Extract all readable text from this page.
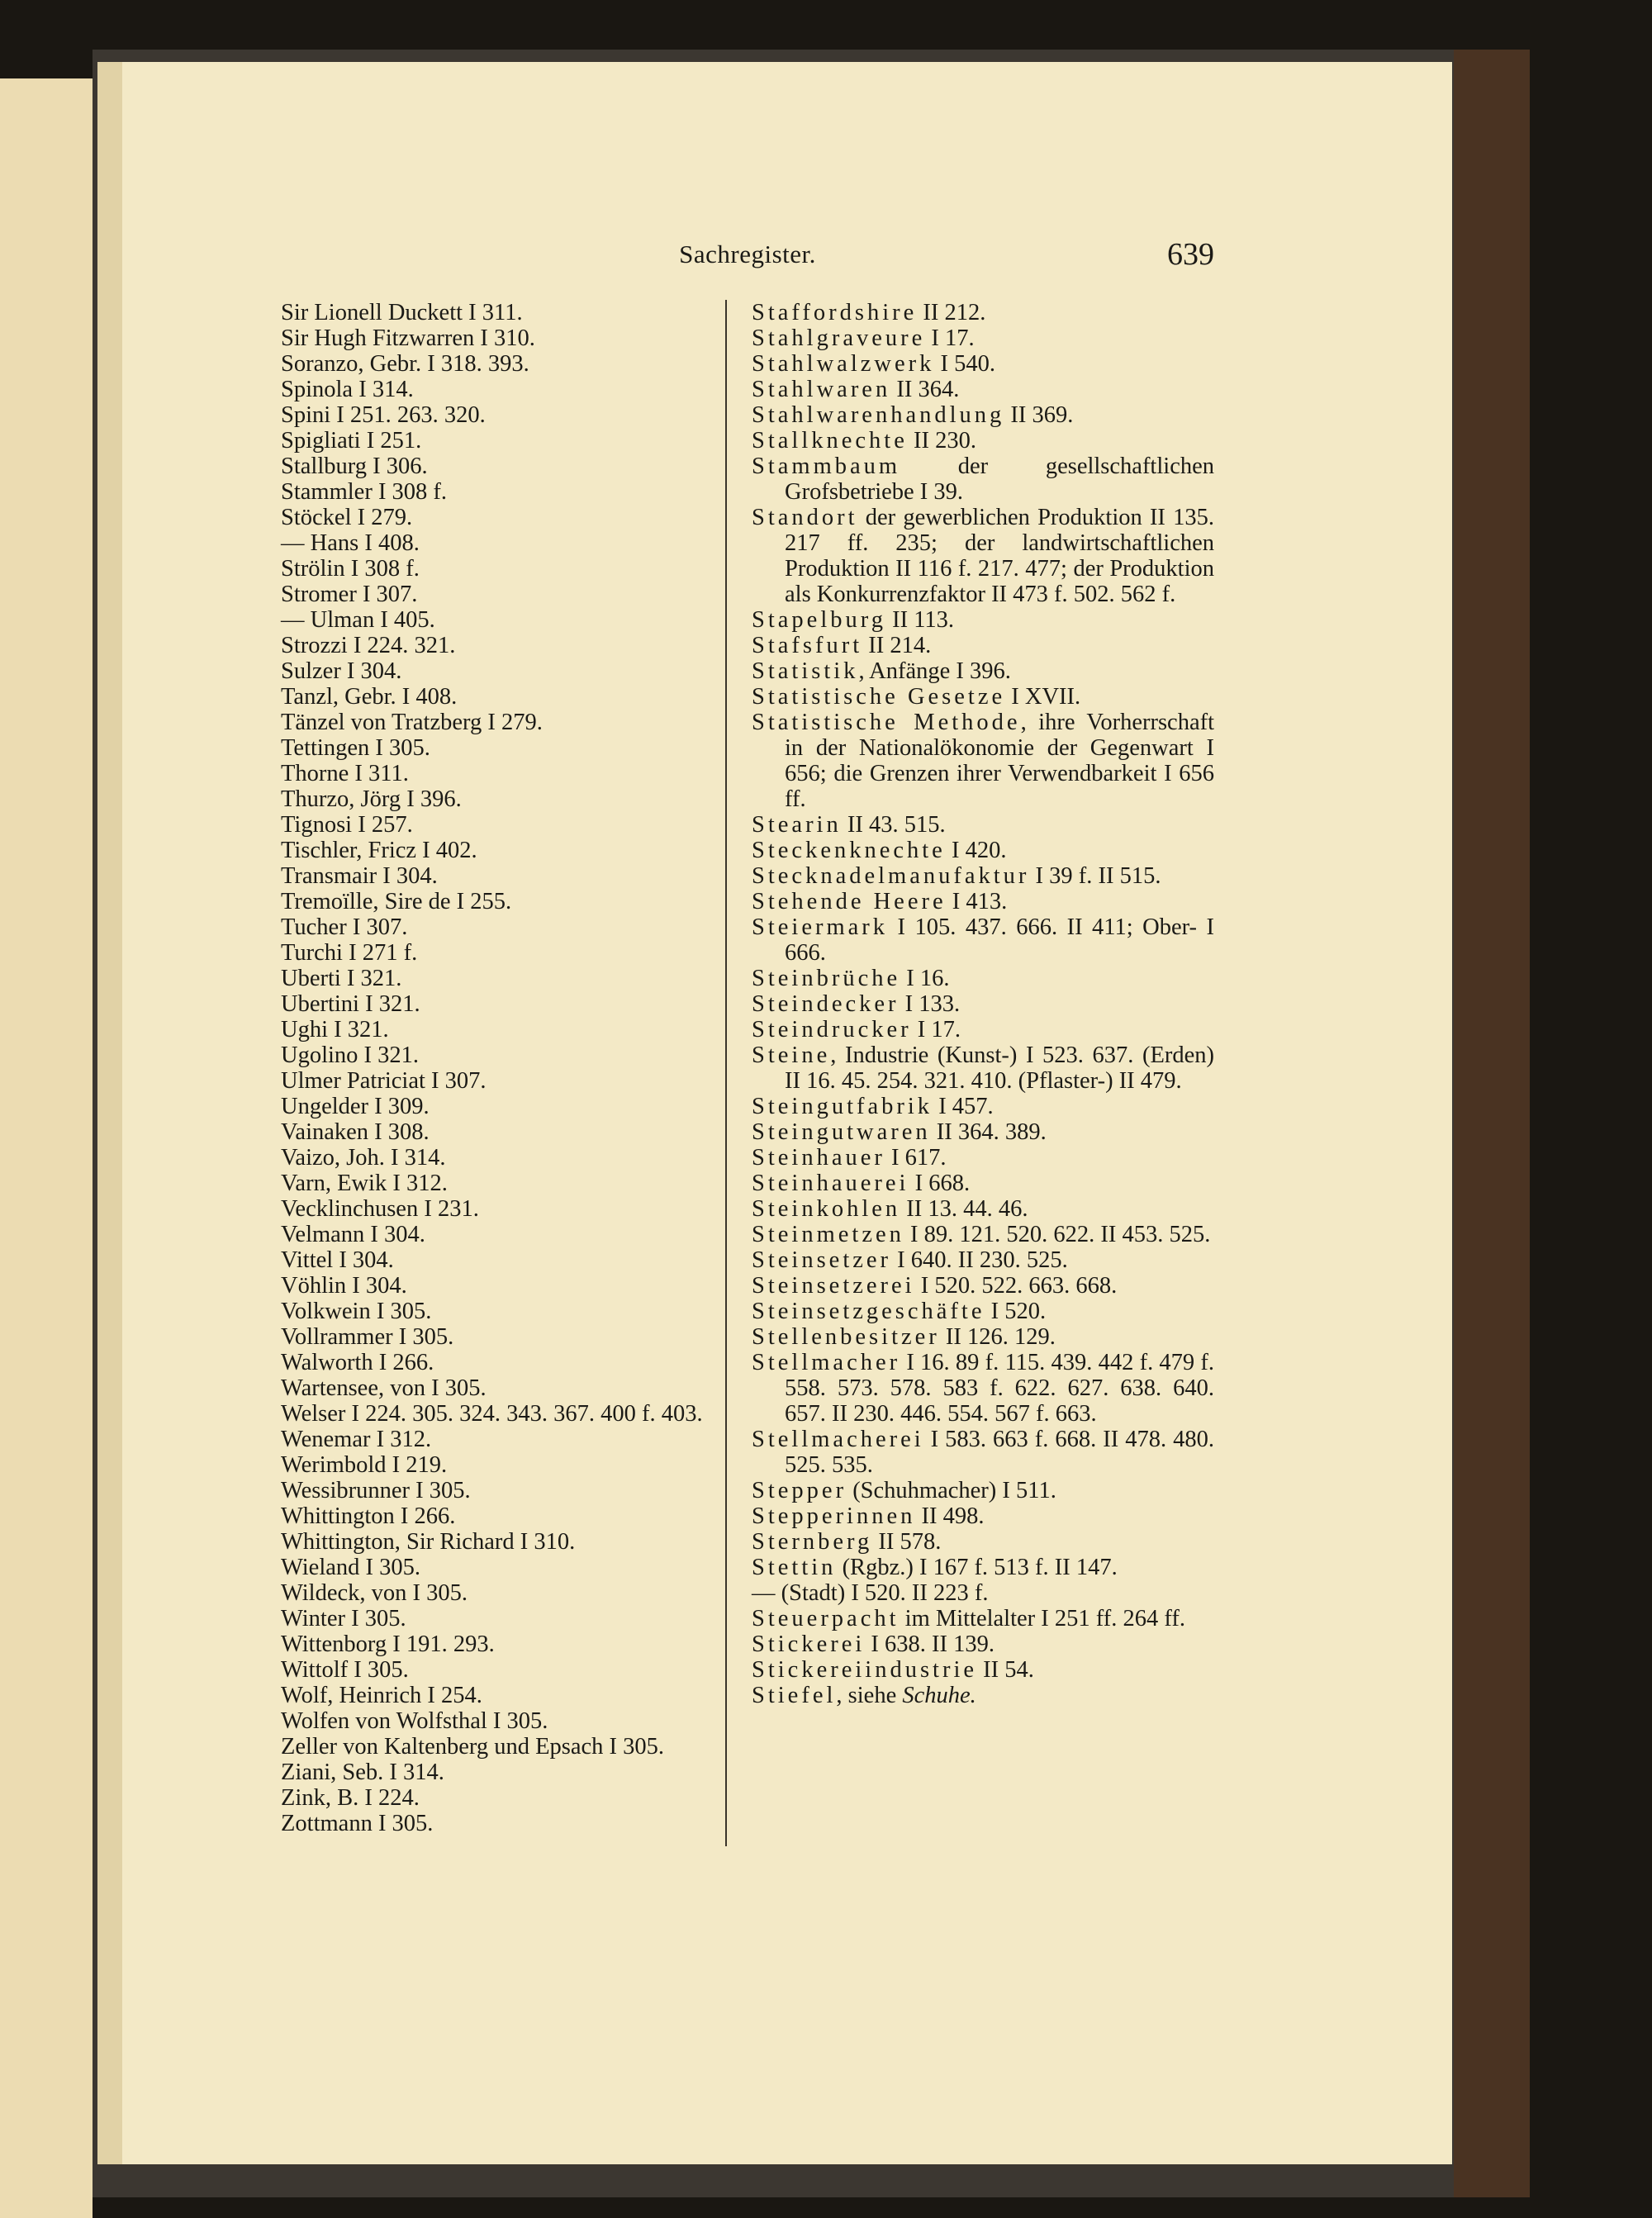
Sachregister.	639
Sir Lionell Duckett I 311.
Sir Hugh Fitzwarren I 310.
Soranzo, Gebr. I 318. 393.
Spinola I 314.
Spini I 251. 263. 320.
Spigliati I 251.
Stallburg I 306.
Stammler I 308 f.
Stöckel I 279.
— Hans I 408.
Strölin I 308 f.
Stromer I 307.
— Ulman I 405.
Strozzi I 224. 321.
Sulzer I 304.
Tanzl, Gebr. I 408.
Tänzel von Tratzberg I 279.
Tettingen I 305.
Thorne I 311.
Thurzo, Jörg I 396.
Tignosi I 257.
Tischler, Fricz I 402.
Transmair I 304.
Tremoïlle, Sire de I 255.
Tucher I 307.
Turchi I 271 f.
Uberti I 321.
Ubertini I 321.
Ughi I 321.
Ugolino I 321.
Ulmer Patriciat I 307.
Ungelder I 309.
Vainaken I 308.
Vaizo, Joh. I 314.
Varn, Ewik I 312.
Vecklinchusen I 231.
Velmann I 304.
Vittel I 304.
Vöhlin I 304.
Volkwein I 305.
Vollrammer I 305.
Walworth I 266.
Wartensee, von I 305.
Welser I 224. 305. 324. 343. 367. 400 f. 403.
Wenemar I 312.
Werimbold I 219.
Wessibrunner I 305.
Whittington I 266.
Whittington, Sir Richard I 310.
Wieland I 305.
Wildeck, von I 305.
Winter I 305.
Wittenborg I 191. 293.
Wittolf I 305.
Wolf, Heinrich I 254.
Wolfen von Wolfsthal I 305.
Zeller von Kaltenberg und Epsach I 305.
Ziani, Seb. I 314.
Zink, B. I 224.
Zottmann I 305.
Staffordshire II 212.
Stahlgraveure I 17.
Stahlwalzwerk I 540.
Stahlwaren II 364.
Stahlwarenhandlung II 369.
Stallknechte II 230.
Stammbaum der gesellschaftlichen Grofsbetriebe I 39.
Standort der gewerblichen Produktion II 135. 217 ff. 235; der landwirtschaftlichen Produktion II 116 f. 217. 477; der Produktion als Konkurrenzfaktor II 473 f. 502. 562 f.
Stapelburg II 113.
Stafsfurt II 214.
Statistik, Anfänge I 396.
Statistische Gesetze I XVII.
Statistische Methode, ihre Vorherrschaft in der Nationalökonomie der Gegenwart I 656; die Grenzen ihrer Verwendbarkeit I 656 ff.
Stearin II 43. 515.
Steckenknechte I 420.
Stecknadelmanufaktur I 39 f. II 515.
Stehende Heere I 413.
Steiermark I 105. 437. 666. II 411; Ober- I 666.
Steinbrüche I 16.
Steindecker I 133.
Steindrucker I 17.
Steine, Industrie (Kunst-) I 523. 637. (Erden) II 16. 45. 254. 321. 410. (Pflaster-) II 479.
Steingutfabrik I 457.
Steingutwaren II 364. 389.
Steinhauer I 617.
Steinhauerei I 668.
Steinkohlen II 13. 44. 46.
Steinmetzen I 89. 121. 520. 622. II 453. 525.
Steinsetzer I 640. II 230. 525.
Steinsetzerei I 520. 522. 663. 668.
Steinsetzgeschäfte I 520.
Stellenbesitzer II 126. 129.
Stellmacher I 16. 89 f. 115. 439. 442 f. 479 f. 558. 573. 578. 583 f. 622. 627. 638. 640. 657. II 230. 446. 554. 567 f. 663.
Stellmacherei I 583. 663 f. 668. II 478. 480. 525. 535.
Stepper (Schuhmacher) I 511.
Stepperinnen II 498.
Sternberg II 578.
Stettin (Rgbz.) I 167 f. 513 f. II 147.
— (Stadt) I 520. II 223 f.
Steuerpacht im Mittelalter I 251 ff. 264 ff.
Stickerei I 638. II 139.
Stickereiindustrie II 54.
Stiefel, siehe Schuhe.
